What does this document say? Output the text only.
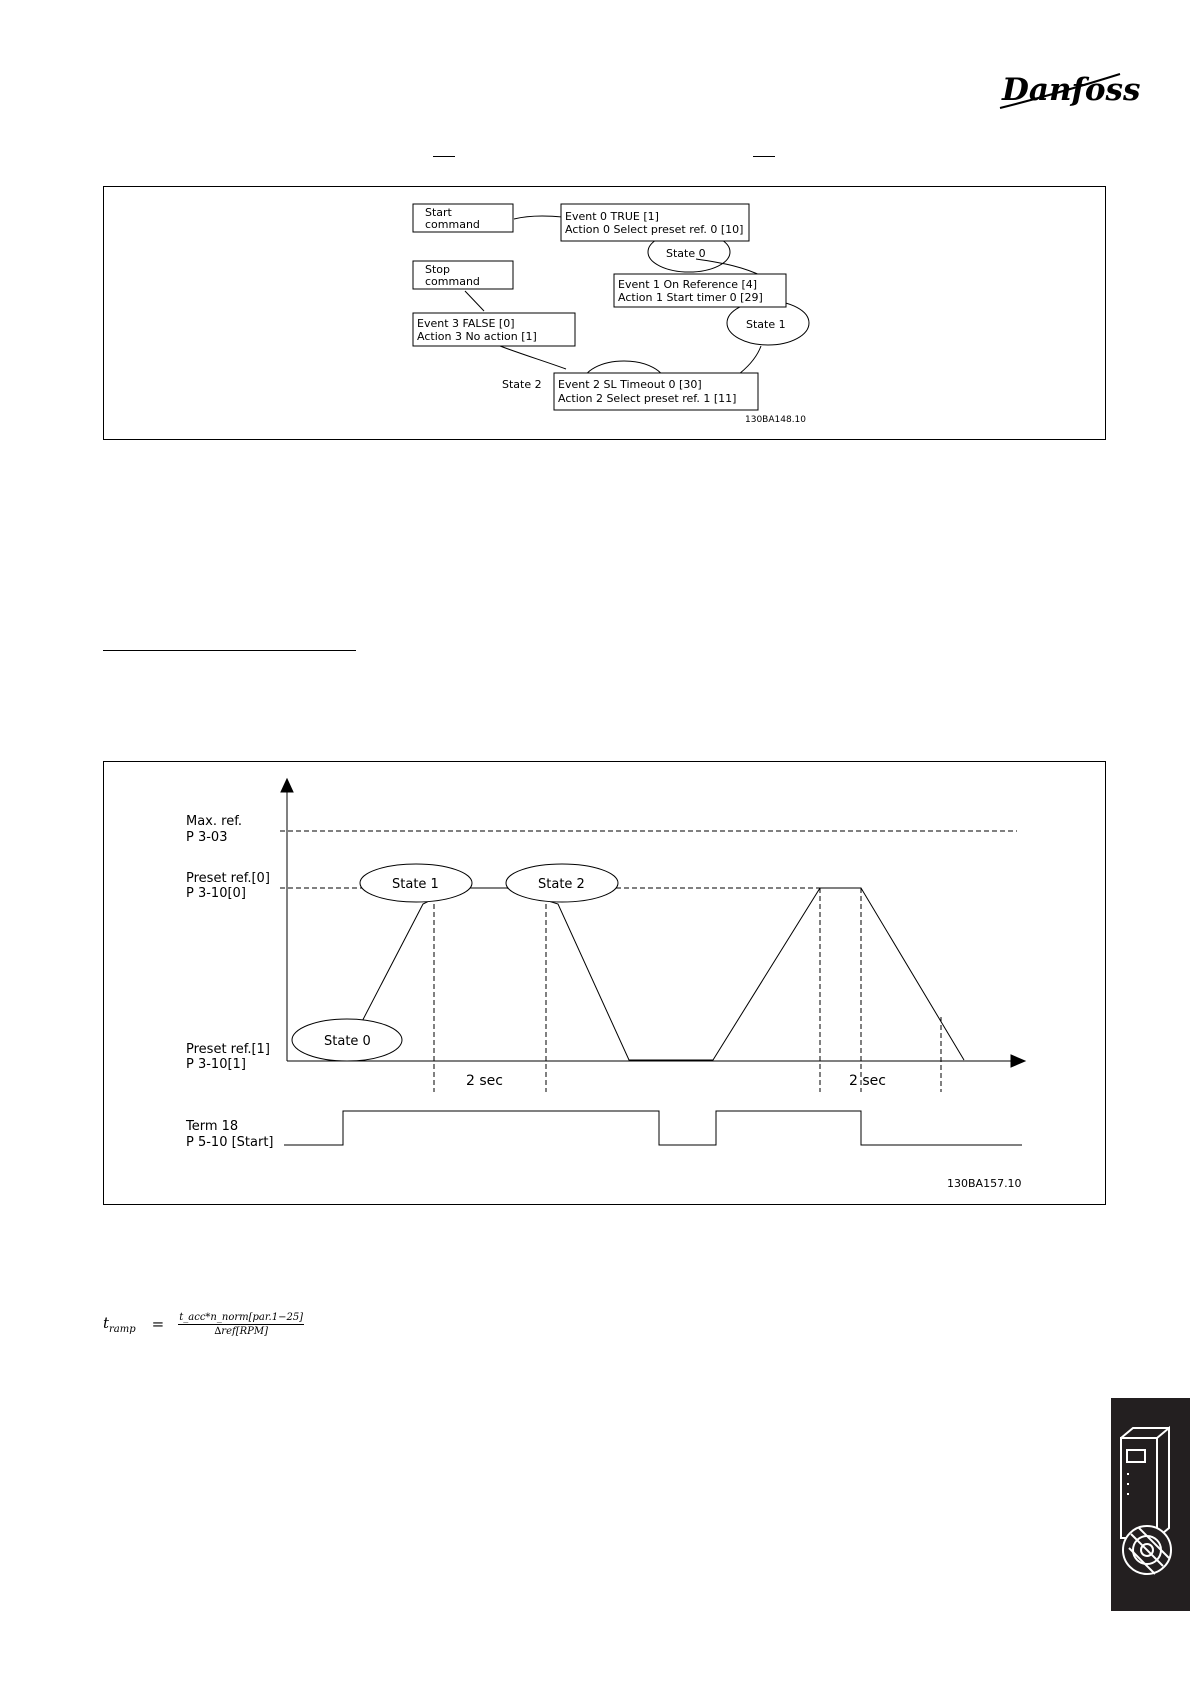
Danfoss
Start
command
Event 0 TRUE [1]
Action 0 Select preset ref. 0 [10]
State 0
Stop
command	Event 1 On Reference [4]
Action 1 Start timer 0 [29]
State 1
Event 3 FALSE [0]
Action 3 No action [1]
State 2 Event 2 SL Timeout 0 [30]
Action 2 Select preset ref. 1 [11]
130BA148.10
Max. ref.
P 3-03
Preset ref.[0]
P 3-10[0]
Preset ref.[1]
P 3-10[1]
Term 18
P 5-10 [Start]
State 1	State 2
State 0
2 sec	2 sec
130BA157.10
$t_{ramp} = \frac{\text{t\_acc*n\_norm[par.1−25]}}{\text{∆ref[RPM]}}$
